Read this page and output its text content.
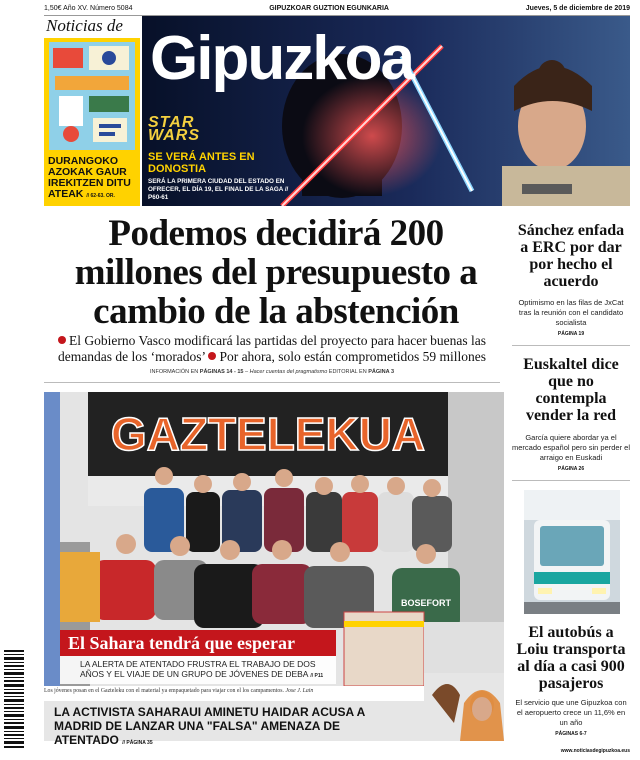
1,50€ Año XV. Número 5084	GIPUZKOAR GUZTION EGUNKARIA	Jueves, 5 de diciembre de 2019
Noticias de
DURANGOKO AZOKAK GAUR IREKITZEN DITU ATEAK // 62-63. OR.
Gipuzkoa
STAR
WARS
SE VERÁ ANTES EN DONOSTIA
SERÁ LA PRIMERA CIUDAD DEL ESTADO EN OFRECER, EL DÍA 19, EL FINAL DE LA SAGA // P60-61
Podemos decidirá 200 millones del presupuesto a cambio de la abstención
El Gobierno Vasco modificará las partidas del proyecto para hacer buenas las demandas de los ‘morados’ Por ahora, solo están comprometidos 59 millones
INFORMACIÓN EN PÁGINAS 14 - 15 – Hacer cuentas del pragmatismo EDITORIAL EN PÁGINA 3
Sánchez enfada a ERC por dar por hecho el acuerdo
Optimismo en las filas de JxCat tras la reunión con el candidato socialista
PÁGINA 19
Euskaltel dice que no contempla vender la red
García quiere abordar ya el mercado español pero sin perder el arraigo en Euskadi
PÁGINA 26
El autobús a Loiu transporta al día a casi 900 pasajeros
El servicio que une Gipuzkoa con el aeropuerto crece un 11,6% en un año
PÁGINAS 6-7
GAZTELEKUA
BOSEFORT
El Sahara tendrá que esperar
LA ALERTA DE ATENTADO FRUSTRA EL TRABAJO DE DOS AÑOS Y EL VIAJE DE UN GRUPO DE JÓVENES DE DEBA // P11
Los jóvenes posan en el Gazteleku con el material ya empaquetado para viajar con el los campamentos. Jose J. Lain
LA ACTIVISTA SAHARAUI AMINETU HAIDAR ACUSA A MADRID DE LANZAR UNA "FALSA" AMENAZA DE ATENTADO // PÁGINA 35
www.noticiasdegipuzkoa.eus
